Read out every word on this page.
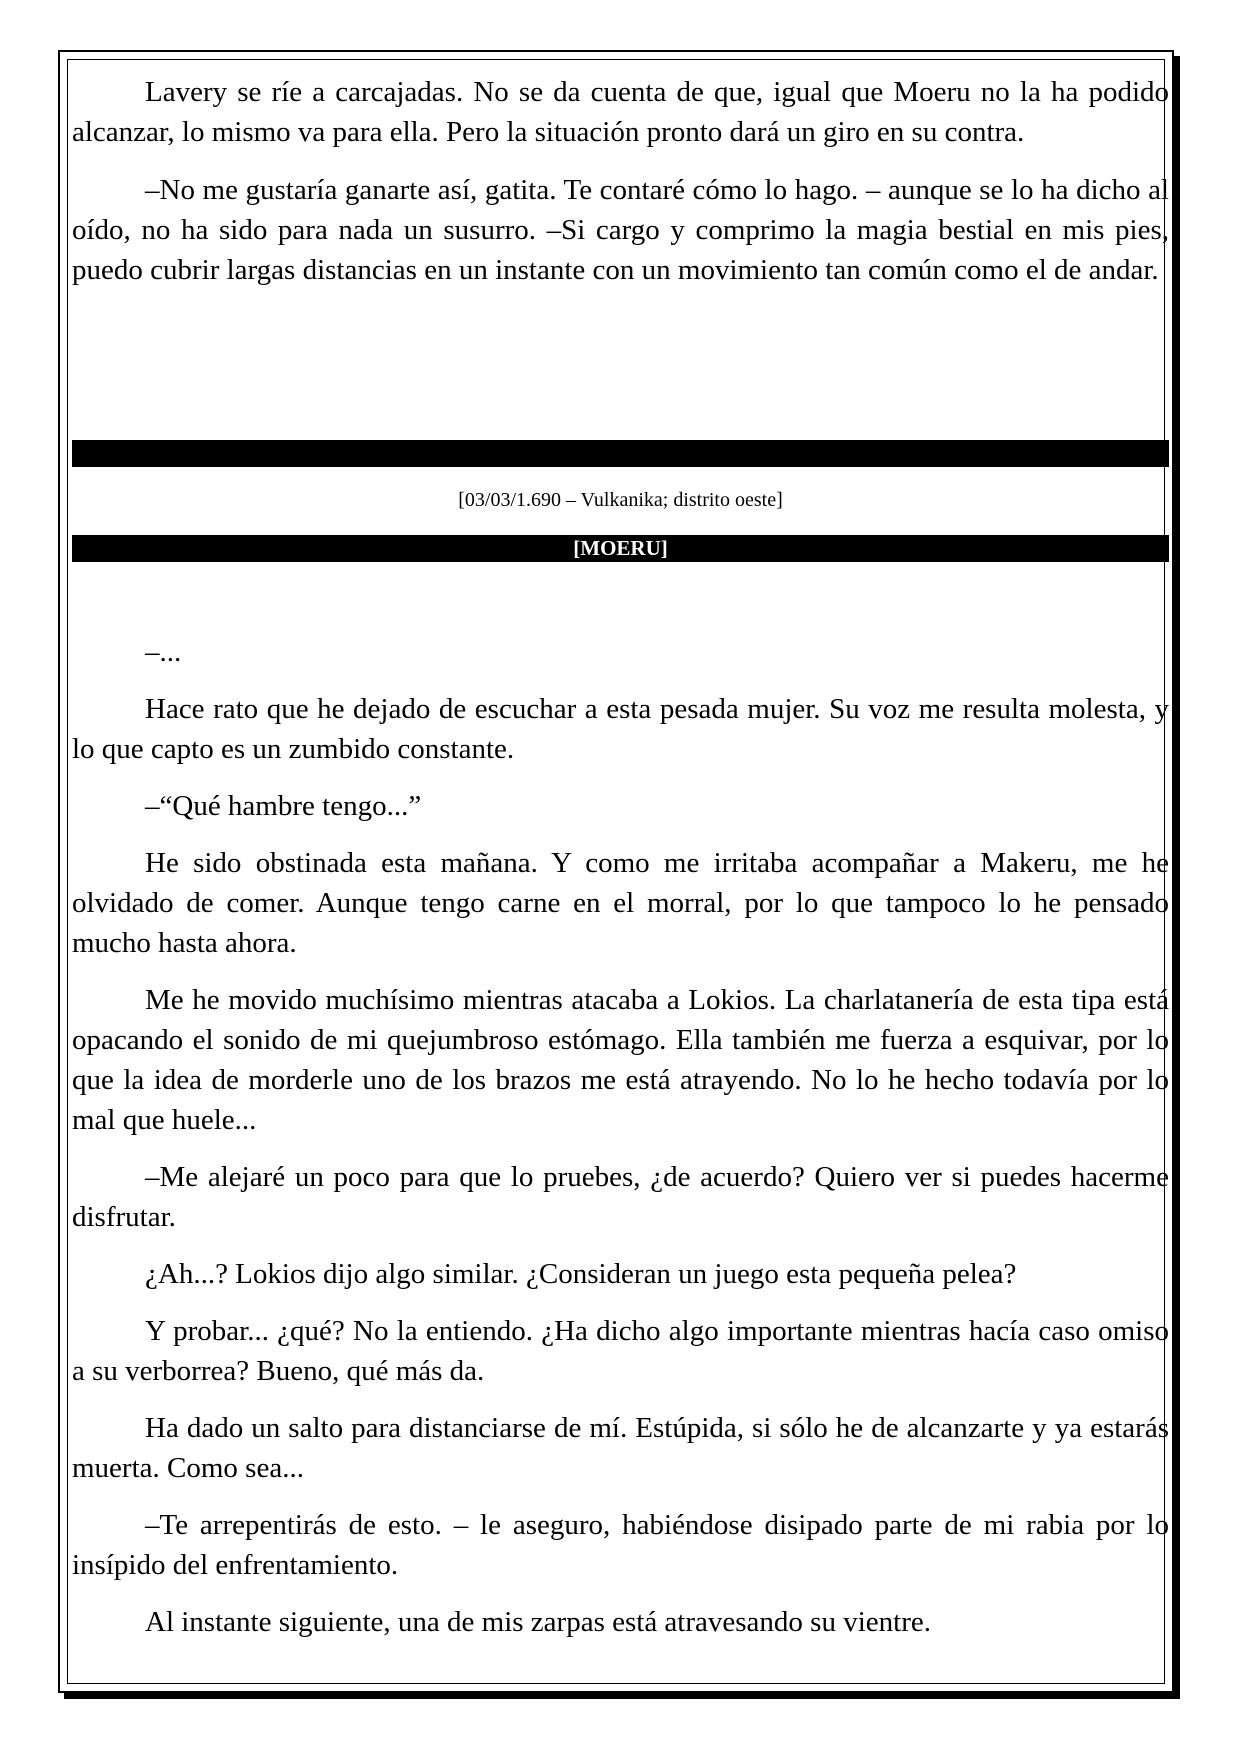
Lavery se ríe a carcajadas. No se da cuenta de que, igual que Moeru no la ha podido alcanzar, lo mismo va para ella. Pero la situación pronto dará un giro en su contra.

–No me gustaría ganarte así, gatita. Te contaré cómo lo hago. – aunque se lo ha dicho al oído, no ha sido para nada un susurro. –Si cargo y comprimo la magia bestial en mis pies, puedo cubrir largas distancias en un instante con un movimiento tan común como el de andar.

[03/03/1.690 – Vulkanika; distrito oeste]
[MOERU]

–...

Hace rato que he dejado de escuchar a esta pesada mujer. Su voz me resulta molesta, y lo que capto es un zumbido constante.

–“Qué hambre tengo...”

He sido obstinada esta mañana. Y como me irritaba acompañar a Makeru, me he olvidado de comer. Aunque tengo carne en el morral, por lo que tampoco lo he pensado mucho hasta ahora.

Me he movido muchísimo mientras atacaba a Lokios. La charlatanería de esta tipa está opacando el sonido de mi quejumbroso estómago. Ella también me fuerza a esquivar, por lo que la idea de morderle uno de los brazos me está atrayendo. No lo he hecho todavía por lo mal que huele...

–Me alejaré un poco para que lo pruebes, ¿de acuerdo? Quiero ver si puedes hacerme disfrutar.

¿Ah...? Lokios dijo algo similar. ¿Consideran un juego esta pequeña pelea?

Y probar... ¿qué? No la entiendo. ¿Ha dicho algo importante mientras hacía caso omiso a su verborrea? Bueno, qué más da.

Ha dado un salto para distanciarse de mí. Estúpida, si sólo he de alcanzarte y ya estarás muerta. Como sea...

–Te arrepentirás de esto. – le aseguro, habiéndose disipado parte de mi rabia por lo insípido del enfrentamiento.

Al instante siguiente, una de mis zarpas está atravesando su vientre.
